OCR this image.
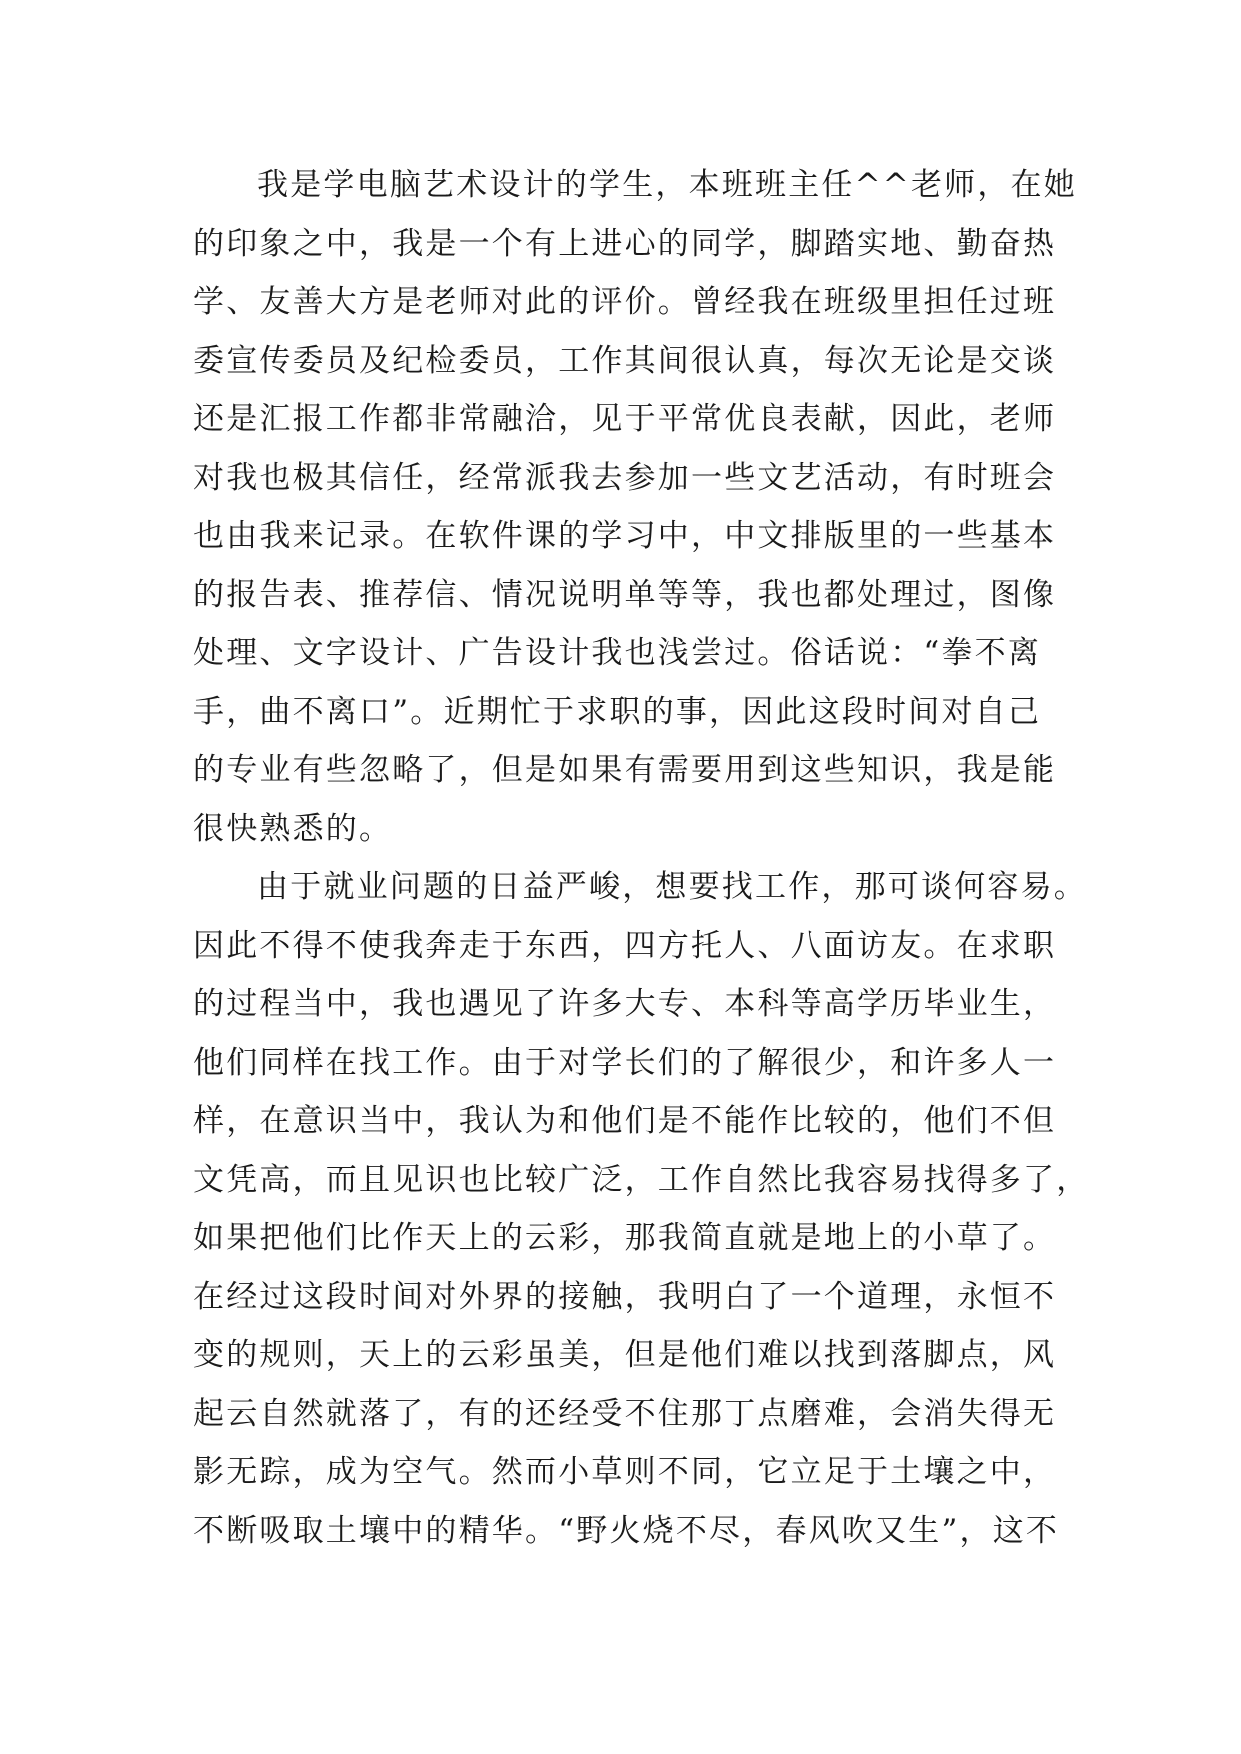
我是学电脑艺术设计的学生，本班班主任^^老师，在她
的印象之中，我是一个有上进心的同学，脚踏实地、勤奋热
学、友善大方是老师对此的评价。曾经我在班级里担任过班
委宣传委员及纪检委员，工作其间很认真，每次无论是交谈
还是汇报工作都非常融洽，见于平常优良表献，因此，老师
对我也极其信任，经常派我去参加一些文艺活动，有时班会
也由我来记录。在软件课的学习中，中文排版里的一些基本
的报告表、推荐信、情况说明单等等，我也都处理过，图像
处理、文字设计、广告设计我也浅尝过。俗话说：“拳不离
手，曲不离口”。近期忙于求职的事，因此这段时间对自己
的专业有些忽略了，但是如果有需要用到这些知识，我是能
很快熟悉的。
由于就业问题的日益严峻，想要找工作，那可谈何容易。
因此不得不使我奔走于东西，四方托人、八面访友。在求职
的过程当中，我也遇见了许多大专、本科等高学历毕业生，
他们同样在找工作。由于对学长们的了解很少，和许多人一
样，在意识当中，我认为和他们是不能作比较的，他们不但
文凭高，而且见识也比较广泛，工作自然比我容易找得多了，
如果把他们比作天上的云彩，那我简直就是地上的小草了。
在经过这段时间对外界的接触，我明白了一个道理，永恒不
变的规则，天上的云彩虽美，但是他们难以找到落脚点，风
起云自然就落了，有的还经受不住那丁点磨难，会消失得无
影无踪，成为空气。然而小草则不同，它立足于土壤之中，
不断吸取土壤中的精华。“野火烧不尽，春风吹又生”，这不
